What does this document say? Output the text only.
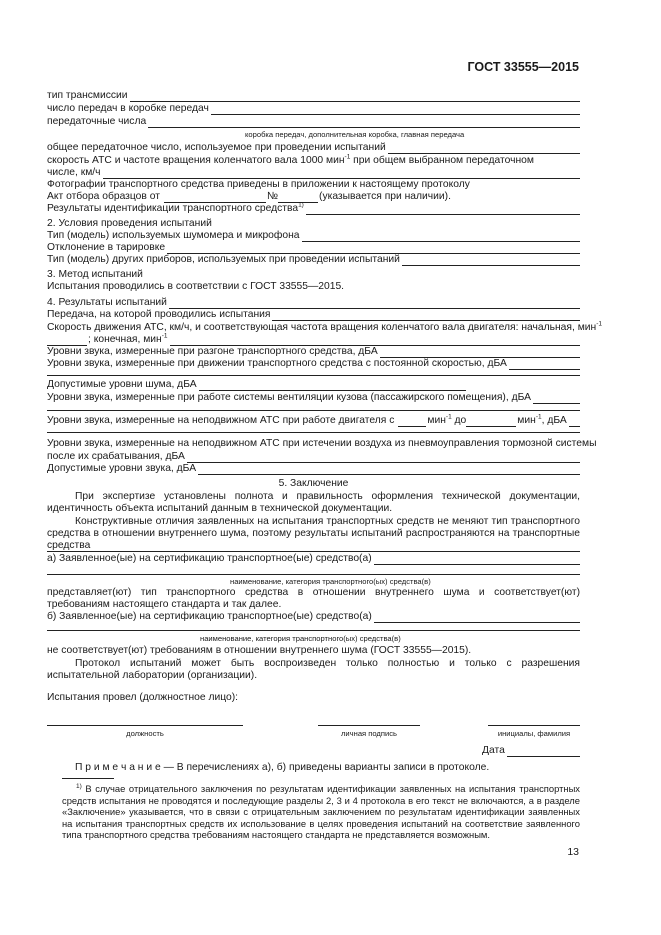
ГОСТ 33555—2015
тип трансмиссии
число передач в коробке передач
передаточные числа
коробка передач, дополнительная коробка, главная передача
общее передаточное число, используемое при проведении испытаний
скорость АТС и частоте вращения коленчатого вала 1000 мин$^{-1}$ при общем выбранном передаточном
числе, км/ч
Фотографии транспортного средства приведены в приложении к настоящему протоколу
Акт отбора образцов от	№	(указывается при наличии).
Результаты идентификации транспортного средства$^{1)}$
2. Условия проведения испытаний
Тип (модель) используемых шумомера и микрофона
Отклонение в тарировке
Тип (модель) других приборов, используемых при проведении испытаний
3. Метод испытаний
Испытания проводились в соответствии с ГОСТ 33555—2015.
4. Результаты испытаний
Передача, на которой проводились испытания
Скорость движения АТС, км/ч, и соответствующая частота вращения коленчатого вала двигателя: начальная, мин$^{-1}$
; конечная, мин$^{-1}$
Уровни звука, измеренные при разгоне транспортного средства, дБА
Уровни звука, измеренные при движении транспортного средства с постоянной скоростью, дБА
Допустимые уровни шума, дБА
Уровни звука, измеренные при работе системы вентиляции кузова (пассажирского помещения), дБА
Уровни звука, измеренные на неподвижном АТС при работе двигателя с	мин$^{-1}$ до	мин$^{-1}$, дБА
Уровни звука, измеренные на неподвижном АТС при истечении воздуха из пневмоуправления тормозной системы
после их срабатывания, дБА
Допустимые уровни звука, дБА
5. Заключение
При экспертизе установлены полнота и правильность оформления технической документации, идентичность объекта испытаний данным в технической документации.
Конструктивные отличия заявленных на испытания транспортных средств не меняют тип транспортного средства в отношении внутреннего шума, поэтому результаты испытаний распространяются на транспортные средства
а) Заявленное(ые) на сертификацию транспортное(ые) средство(а)
наименование, категория транспортного(ых) средства(в)
представляет(ют) тип транспортного средства в отношении внутреннего шума и соответствует(ют) требованиям настоящего стандарта и так далее.
б) Заявленное(ые) на сертификацию транспортное(ые) средство(а)
наименование, категория транспортного(ых) средства(в)
не соответствует(ют) требованиям в отношении внутреннего шума (ГОСТ 33555—2015).
Протокол испытаний может быть воспроизведен только полностью и только с разрешения испытательной лаборатории (организации).
Испытания провел (должностное лицо):
должность	личная подпись	инициалы, фамилия
Дата
П р и м е ч а н и е — В перечислениях а), б) приведены варианты записи в протоколе.
$^{1)}$ В случае отрицательного заключения по результатам идентификации заявленных на испытания транспортных средств испытания не проводятся и последующие разделы 2, 3 и 4 протокола в его текст не включаются, а в разделе «Заключение» указывается, что в связи с отрицательным заключением по результатам идентификации заявленных на испытания транспортных средств их использование в целях проведения испытаний на соответствие заявленного типа транспортного средства требованиям настоящего стандарта не представляется возможным.
13
